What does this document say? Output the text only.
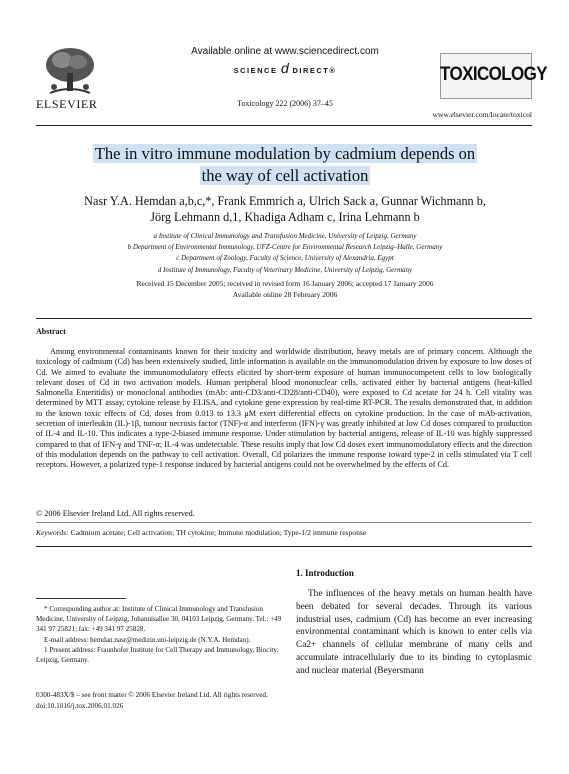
Available online at www.sciencedirect.com
SCIENCE d DIRECT®
Toxicology 222 (2006) 37–45
ELSEVIER
TOXICOLOGY
www.elsevier.com/locate/toxicol
The in vitro immune modulation by cadmium depends on
the way of cell activation
Nasr Y.A. Hemdan a,b,c,*, Frank Emmrich a, Ulrich Sack a, Gunnar Wichmann b,
Jörg Lehmann d,1, Khadiga Adham c, Irina Lehmann b
a Institute of Clinical Immunology and Transfusion Medicine, University of Leipzig, Germany
b Department of Environmental Immunology, UFZ-Centre for Environmental Research Leipzig–Halle, Germany
c Department of Zoology, Faculty of Science, University of Alexandria, Egypt
d Institute of Immunology, Faculty of Veterinary Medicine, University of Leipzig, Germany
Received 15 December 2005; received in revised form 16 January 2006; accepted 17 January 2006
Available online 28 February 2006
Abstract
Among environmental contaminants known for their toxicity and worldwide distribution, heavy metals are of primary concern. Although the toxicology of cadmium (Cd) has been extensively studied, little information is available on the immunomodulation driven by exposure to low doses of Cd. We aimed to evaluate the immunomodulatory effects elicited by short-term exposure of human immunocompetent cells to low biologically relevant doses of Cd in two activation models. Human peripheral blood mononuclear cells, activated either by bacterial antigens (heat-killed Salmonella Enteritidis) or monoclonal antibodies (mAb: anti-CD3/anti-CD28/anti-CD40), were exposed to Cd acetate for 24 h. Cell vitality was determined by MTT assay, cytokine release by ELISA, and cytokine gene expression by real-time RT-PCR. The results demonstrated that, in addition to the known toxic effects of Cd, doses from 0.013 to 13.3 μM exert differential effects on cytokine production. In the case of mAb-activation, secretion of interleukin (IL)-1β, tumour necrosis factor (TNF)-α and interferon (IFN)-γ was greatly inhibited at low Cd doses compared to production of IL-4 and IL-10. This indicates a type-2-biased immune response. Under stimulation by bacterial antigens, release of IL-10 was highly suppressed compared to that of IFN-γ and TNF-α; IL-4 was undetectable. These results imply that low Cd doses exert immunomodulatory effects and the direction of this modulation depends on the pathway to cell activation. Overall, Cd polarizes the immune response toward type-2 in cells stimulated via T cell receptors. However, a polarized type-1 response induced by bacterial antigens could not be overwhelmed by the effects of Cd.
© 2006 Elsevier Ireland Ltd. All rights reserved.
Keywords: Cadmium acetate; Cell activation; TH cytokine; Immune modulation; Type-1/2 immune response
1. Introduction
The influences of the heavy metals on human health have been debated for several decades. Through its various industrial uses, cadmium (Cd) has become an ever increasing environmental contaminant which is known to enter cells via Ca2+ channels of cellular membrane of many cells and accumulate intracellularly due to its binding to cytoplasmic and nuclear material (Beyersmann

* Corresponding author at: Institute of Clinical Immunology and Transfusion Medicine, University of Leipzig, Johannisallee 30, 04103 Leipzig, Germany. Tel.: +49 341 97 25821; fax: +49 341 97 25828.

E-mail address: hemdan.nasr@medizin.uni-leipzig.de (N.Y.A. Hemdan).

1 Present address: Fraunhofer Institute for Cell Therapy and Immunology, Biocity, Leipzig, Germany.

0300-483X/$ – see front matter © 2006 Elsevier Ireland Ltd. All rights reserved.
doi:10.1016/j.tox.2006.01.026
